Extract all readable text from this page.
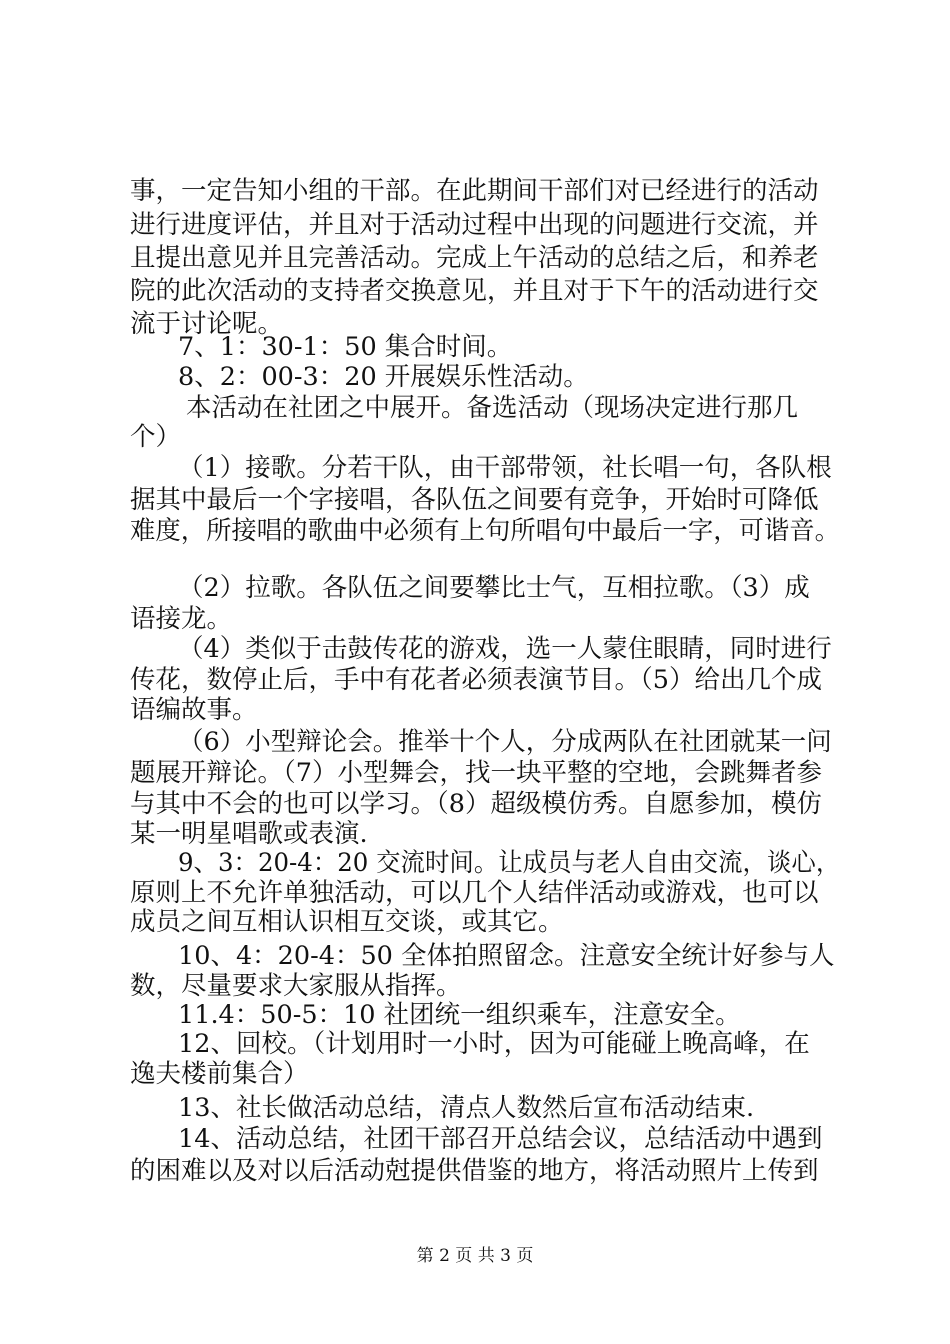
事，一定告知小组的干部。在此期间干部们对已经进行的活动
进行进度评估，并且对于活动过程中出现的问题进行交流，并
且提出意见并且完善活动。完成上午活动的总结之后，和养老
院的此次活动的支持者交换意见，并且对于下午的活动进行交
流于讨论呢。
7、1：30-1：50 集合时间。
8、2：00-3：20 开展娱乐性活动。
本活动在社团之中展开。备选活动（现场决定进行那几
个）
（1）接歌。分若干队，由干部带领，社长唱一句，各队根
据其中最后一个字接唱，各队伍之间要有竞争，开始时可降低
难度，所接唱的歌曲中必须有上句所唱句中最后一字，可谐音。
（2）拉歌。各队伍之间要攀比士气，互相拉歌。（3）成
语接龙。
（4）类似于击鼓传花的游戏，选一人蒙住眼睛，同时进行
传花，数停止后，手中有花者必须表演节目。（5）给出几个成
语编故事。
（6）小型辩论会。推举十个人，分成两队在社团就某一问
题展开辩论。（7）小型舞会，找一块平整的空地，会跳舞者参
与其中不会的也可以学习。（8）超级模仿秀。自愿参加，模仿
某一明星唱歌或表演.
9、3：20-4：20 交流时间。让成员与老人自由交流，谈心，
原则上不允许单独活动，可以几个人结伴活动或游戏，也可以
成员之间互相认识相互交谈，或其它。
10、4：20-4：50 全体拍照留念。注意安全统计好参与人
数，尽量要求大家服从指挥。
11.4：50-5：10 社团统一组织乘车，注意安全。
12、回校。（计划用时一小时，因为可能碰上晚高峰，在
逸夫楼前集合）
13、社长做活动总结，清点人数然后宣布活动结束.
14、活动总结，社团干部召开总结会议，总结活动中遇到
的困难以及对以后活动尅提供借鉴的地方，将活动照片上传到
第 2 页 共 3 页
